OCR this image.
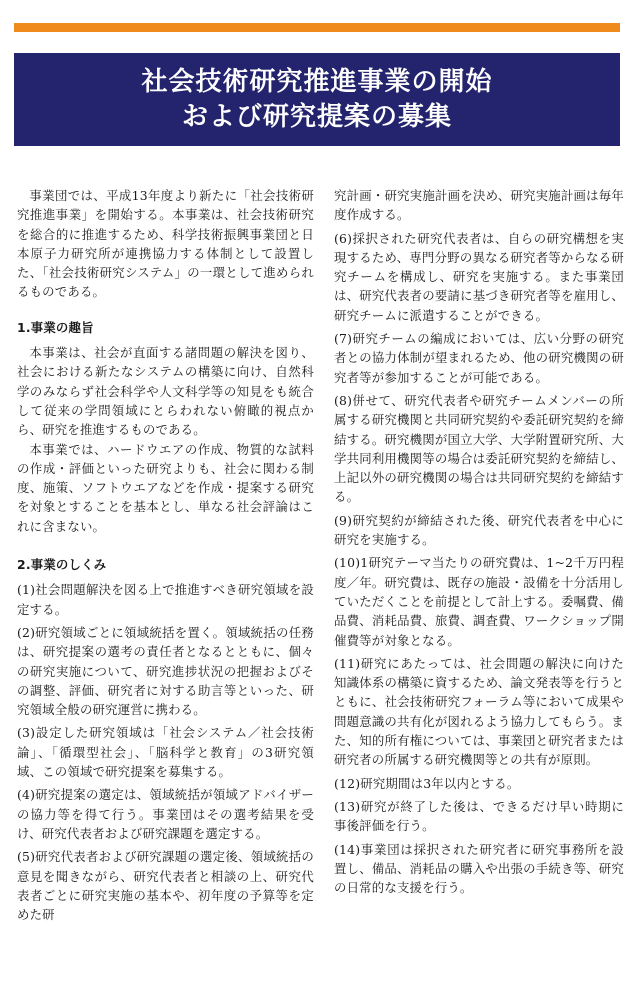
社会技術研究推進事業の開始
および研究提案の募集

事業団では、平成13年度より新たに「社会技術研究推進事業」を開始する。本事業は、社会技術研究を総合的に推進するため、科学技術振興事業団と日本原子力研究所が連携協力する体制として設置した、「社会技術研究システム」の一環として進められるものである。

1.事業の趣旨

本事業は、社会が直面する諸問題の解決を図り、社会における新たなシステムの構築に向け、自然科学のみならず社会科学や人文科学等の知見をも統合して従来の学問領域にとらわれない俯瞰的視点から、研究を推進するものである。

本事業では、ハードウエアの作成、物質的な試料の作成・評価といった研究よりも、社会に関わる制度、施策、ソフトウエアなどを作成・提案する研究を対象とすることを基本とし、単なる社会評論はこれに含まない。

2.事業のしくみ

(1)社会問題解決を図る上で推進すべき研究領域を設定する。

(2)研究領域ごとに領域統括を置く。領域統括の任務は、研究提案の選考の責任者となるとともに、個々の研究実施について、研究進捗状況の把握およびその調整、評価、研究者に対する助言等といった、研究領域全般の研究運営に携わる。

(3)設定した研究領域は「社会システム／社会技術論」、「循環型社会」、「脳科学と教育」の3研究領域、この領域で研究提案を募集する。

(4)研究提案の選定は、領域統括が領域アドバイザーの協力等を得て行う。事業団はその選考結果を受け、研究代表者および研究課題を選定する。

(5)研究代表者および研究課題の選定後、領域統括の意見を聞きながら、研究代表者と相談の上、研究代表者ごとに研究実施の基本や、初年度の予算等を定めた研

究計画・研究実施計画を決め、研究実施計画は毎年度作成する。

(6)採択された研究代表者は、自らの研究構想を実現するため、専門分野の異なる研究者等からなる研究チームを構成し、研究を実施する。また事業団は、研究代表者の要請に基づき研究者等を雇用し、研究チームに派遣することができる。

(7)研究チームの編成においては、広い分野の研究者との協力体制が望まれるため、他の研究機関の研究者等が参加することが可能である。

(8)併せて、研究代表者や研究チームメンバーの所属する研究機関と共同研究契約や委託研究契約を締結する。研究機関が国立大学、大学附置研究所、大学共同利用機関等の場合は委託研究契約を締結し、上記以外の研究機関の場合は共同研究契約を締結する。

(9)研究契約が締結された後、研究代表者を中心に研究を実施する。

(10)1研究テーマ当たりの研究費は、1~2千万円程度／年。研究費は、既存の施設・設備を十分活用していただくことを前提として計上する。委嘱費、備品費、消耗品費、旅費、調査費、ワークショップ開催費等が対象となる。

(11)研究にあたっては、社会問題の解決に向けた知識体系の構築に資するため、論文発表等を行うとともに、社会技術研究フォーラム等において成果や問題意識の共有化が図れるよう協力してもらう。また、知的所有権については、事業団と研究者または研究者の所属する研究機関等との共有が原則。

(12)研究期間は3年以内とする。

(13)研究が終了した後は、できるだけ早い時期に事後評価を行う。

(14)事業団は採択された研究者に研究事務所を設置し、備品、消耗品の購入や出張の手続き等、研究の日常的な支援を行う。
